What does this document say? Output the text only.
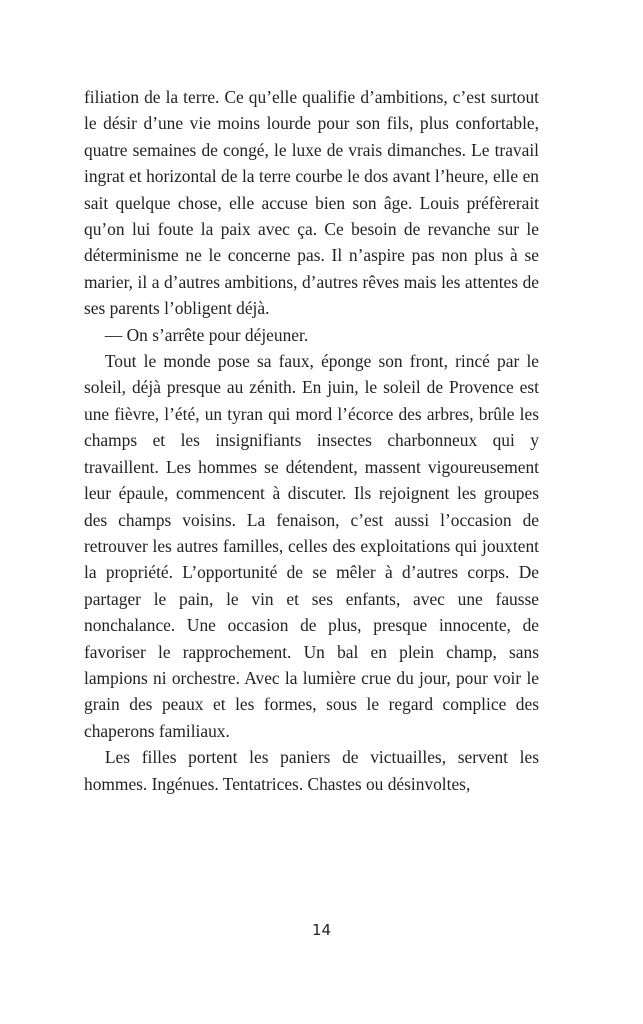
filiation de la terre. Ce qu’elle qualifie d’ambitions, c’est surtout le désir d’une vie moins lourde pour son fils, plus confortable, quatre semaines de congé, le luxe de vrais dimanches. Le travail ingrat et horizontal de la terre courbe le dos avant l’heure, elle en sait quelque chose, elle accuse bien son âge. Louis préfèrerait qu’on lui foute la paix avec ça. Ce besoin de revanche sur le déterminisme ne le concerne pas. Il n’aspire pas non plus à se marier, il a d’autres ambitions, d’autres rêves mais les attentes de ses parents l’obligent déjà.

— On s’arrête pour déjeuner.

Tout le monde pose sa faux, éponge son front, rincé par le soleil, déjà presque au zénith. En juin, le soleil de Provence est une fièvre, l’été, un tyran qui mord l’écorce des arbres, brûle les champs et les insignifiants insectes charbonneux qui y travaillent. Les hommes se détendent, massent vigoureusement leur épaule, commencent à discuter. Ils rejoignent les groupes des champs voisins. La fenaison, c’est aussi l’occasion de retrouver les autres familles, celles des exploitations qui jouxtent la propriété. L’opportunité de se mêler à d’autres corps. De partager le pain, le vin et ses enfants, avec une fausse nonchalance. Une occasion de plus, presque innocente, de favoriser le rapprochement. Un bal en plein champ, sans lampions ni orchestre. Avec la lumière crue du jour, pour voir le grain des peaux et les formes, sous le regard complice des chaperons familiaux.

Les filles portent les paniers de victuailles, servent les hommes. Ingénues. Tentatrices. Chastes ou désinvoltes,

14
